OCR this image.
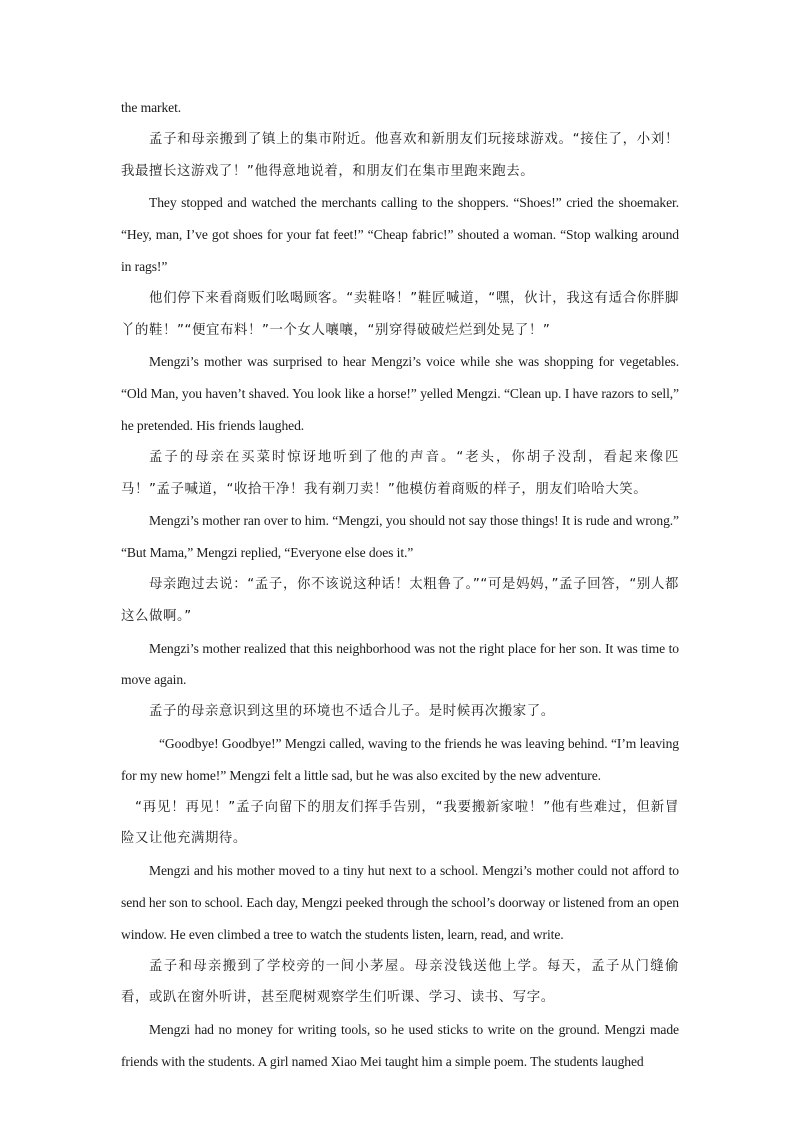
the market.

孟子和母亲搬到了镇上的集市附近。他喜欢和新朋友们玩接球游戏。“接住了，小刘！我最擅长这游戏了！”他得意地说着，和朋友们在集市里跑来跑去。

They stopped and watched the merchants calling to the shoppers. “Shoes!” cried the shoemaker. “Hey, man, I’ve got shoes for your fat feet!” “Cheap fabric!” shouted a woman. “Stop walking around in rags!”

他们停下来看商贩们吆喝顾客。“卖鞋咯！”鞋匠喊道，“嘿，伙计，我这有适合你胖脚丫的鞋！”“便宜布料！”一个女人嚷嚷，“别穿得破破烂烂到处晃了！”

Mengzi’s mother was surprised to hear Mengzi’s voice while she was shopping for vegetables. “Old Man, you haven’t shaved. You look like a horse!” yelled Mengzi. “Clean up. I have razors to sell,” he pretended. His friends laughed.

孟子的母亲在买菜时惊讶地听到了他的声音。“老头，你胡子没刮，看起来像匹马！”孟子喊道，“收拾干净！我有剃刀卖！”他模仿着商贩的样子，朋友们哈哈大笑。

Mengzi’s mother ran over to him. “Mengzi, you should not say those things! It is rude and wrong.” “But Mama,” Mengzi replied, “Everyone else does it.”

母亲跑过去说：“孟子，你不该说这种话！太粗鲁了。”“可是妈妈，”孟子回答，“别人都这么做啊。”

Mengzi’s mother realized that this neighborhood was not the right place for her son. It was time to move again.

孟子的母亲意识到这里的环境也不适合儿子。是时候再次搬家了。

“Goodbye! Goodbye!” Mengzi called, waving to the friends he was leaving behind. “I’m leaving for my new home!” Mengzi felt a little sad, but he was also excited by the new adventure.

“再见！再见！”孟子向留下的朋友们挥手告别，“我要搬新家啦！”他有些难过，但新冒险又让他充满期待。

Mengzi and his mother moved to a tiny hut next to a school. Mengzi’s mother could not afford to send her son to school. Each day, Mengzi peeked through the school’s doorway or listened from an open window. He even climbed a tree to watch the students listen, learn, read, and write.

孟子和母亲搬到了学校旁的一间小茅屋。母亲没钱送他上学。每天，孟子从门缝偷看，或趴在窗外听讲，甚至爬树观察学生们听课、学习、读书、写字。

Mengzi had no money for writing tools, so he used sticks to write on the ground. Mengzi made friends with the students. A girl named Xiao Mei taught him a simple poem. The students laughed
